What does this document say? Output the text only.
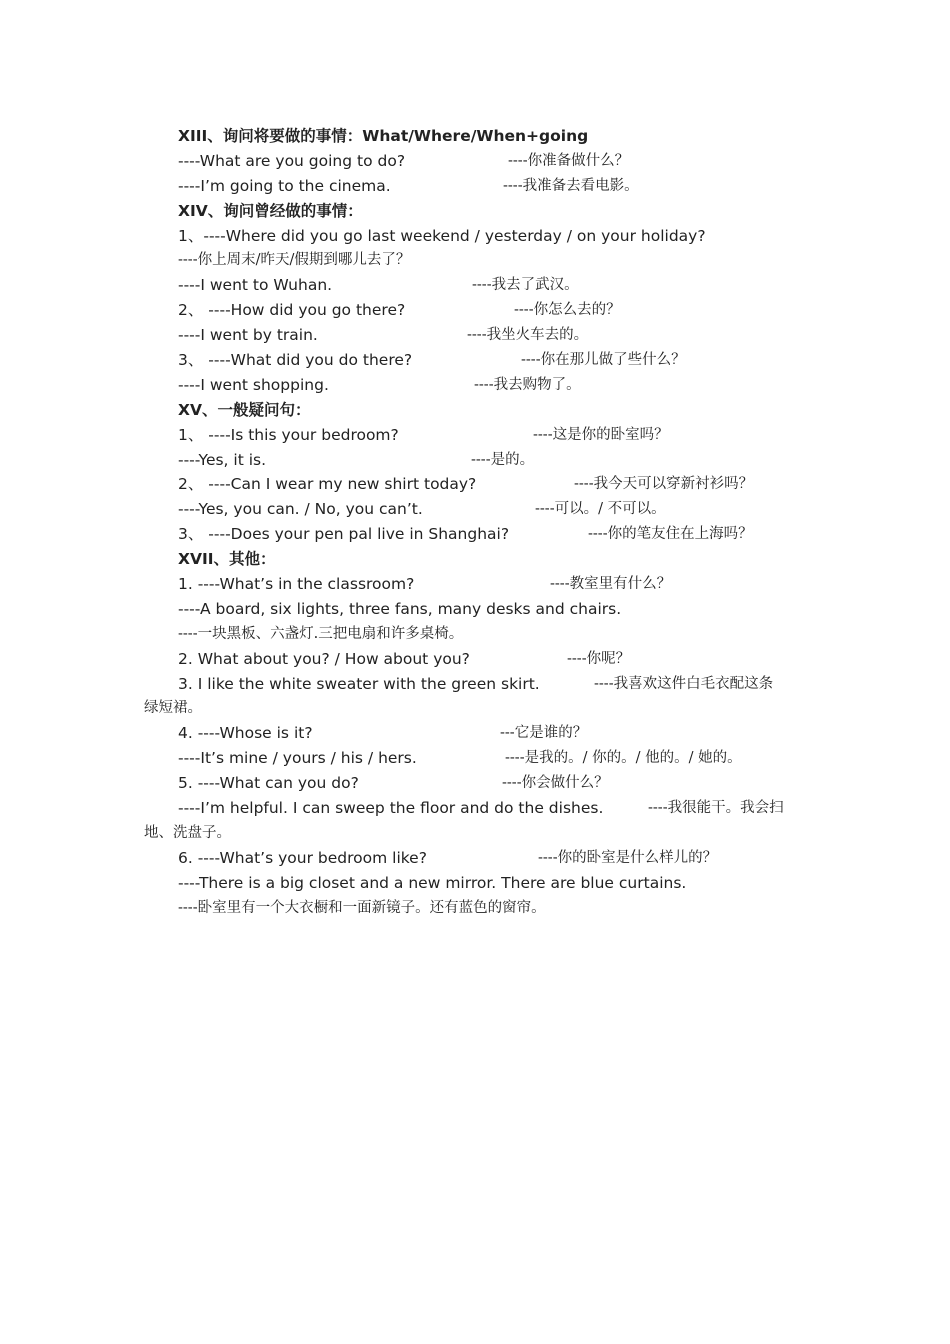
XIII、询问将要做的事情：What/Where/When+going
----What are you going to do?	----你准备做什么？
----I’m going to the cinema.	----我准备去看电影。
XIV、询问曾经做的事情：
1、----Where did you go last weekend / yesterday / on your holiday?
----你上周末/昨天/假期到哪儿去了？
----I went to Wuhan.	----我去了武汉。
2、 ----How did you go there?	----你怎么去的？
----I went by train.	----我坐火车去的。
3、 ----What did you do there?	----你在那儿做了些什么？
----I went shopping.	----我去购物了。
XV、一般疑问句：
1、 ----Is this your bedroom?	----这是你的卧室吗？
----Yes, it is.	----是的。
2、 ----Can I wear my new shirt today?	----我今天可以穿新衬衫吗？
----Yes, you can. / No, you can’t.	----可以。/ 不可以。
3、 ----Does your pen pal live in Shanghai?	----你的笔友住在上海吗？
XVII、其他：
1. ----What’s in the classroom?	----教室里有什么？
----A board, six lights, three fans, many desks and chairs.
----一块黑板、六盏灯.三把电扇和许多桌椅。
2. What about you? / How about you?	----你呢？
3. I like the white sweater with the green skirt.	----我喜欢这件白毛衣配这条
绿短裙。
4. ----Whose is it?	---它是谁的？
----It’s mine / yours / his / hers.	----是我的。/ 你的。/ 他的。/ 她的。
5. ----What can you do?	----你会做什么？
----I’m helpful. I can sweep the floor and do the dishes.	----我很能干。我会扫
地、洗盘子。
6. ----What’s your bedroom like?	----你的卧室是什么样儿的？
----There is a big closet and a new mirror. There are blue curtains.
----卧室里有一个大衣橱和一面新镜子。还有蓝色的窗帘。
